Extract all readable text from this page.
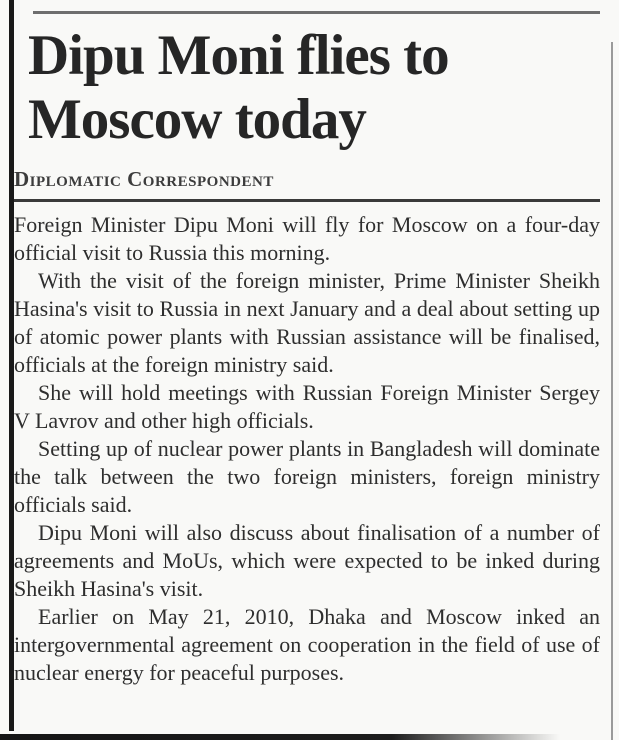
Dipu Moni flies to
Moscow today
Diplomatic Correspondent

Foreign Minister Dipu Moni will fly for Moscow on a four-day official visit to Russia this morning.

With the visit of the foreign minister, Prime Minister Sheikh Hasina's visit to Russia in next January and a deal about setting up of atomic power plants with Russian assistance will be finalised, officials at the foreign ministry said.

She will hold meetings with Russian Foreign Minister Sergey V Lavrov and other high officials.

Setting up of nuclear power plants in Bangladesh will dominate the talk between the two foreign ministers, foreign ministry officials said.

Dipu Moni will also discuss about finalisation of a number of agreements and MoUs, which were expected to be inked during Sheikh Hasina's visit.

Earlier on May 21, 2010, Dhaka and Moscow inked an intergovernmental agreement on cooperation in the field of use of nuclear energy for peaceful purposes.
